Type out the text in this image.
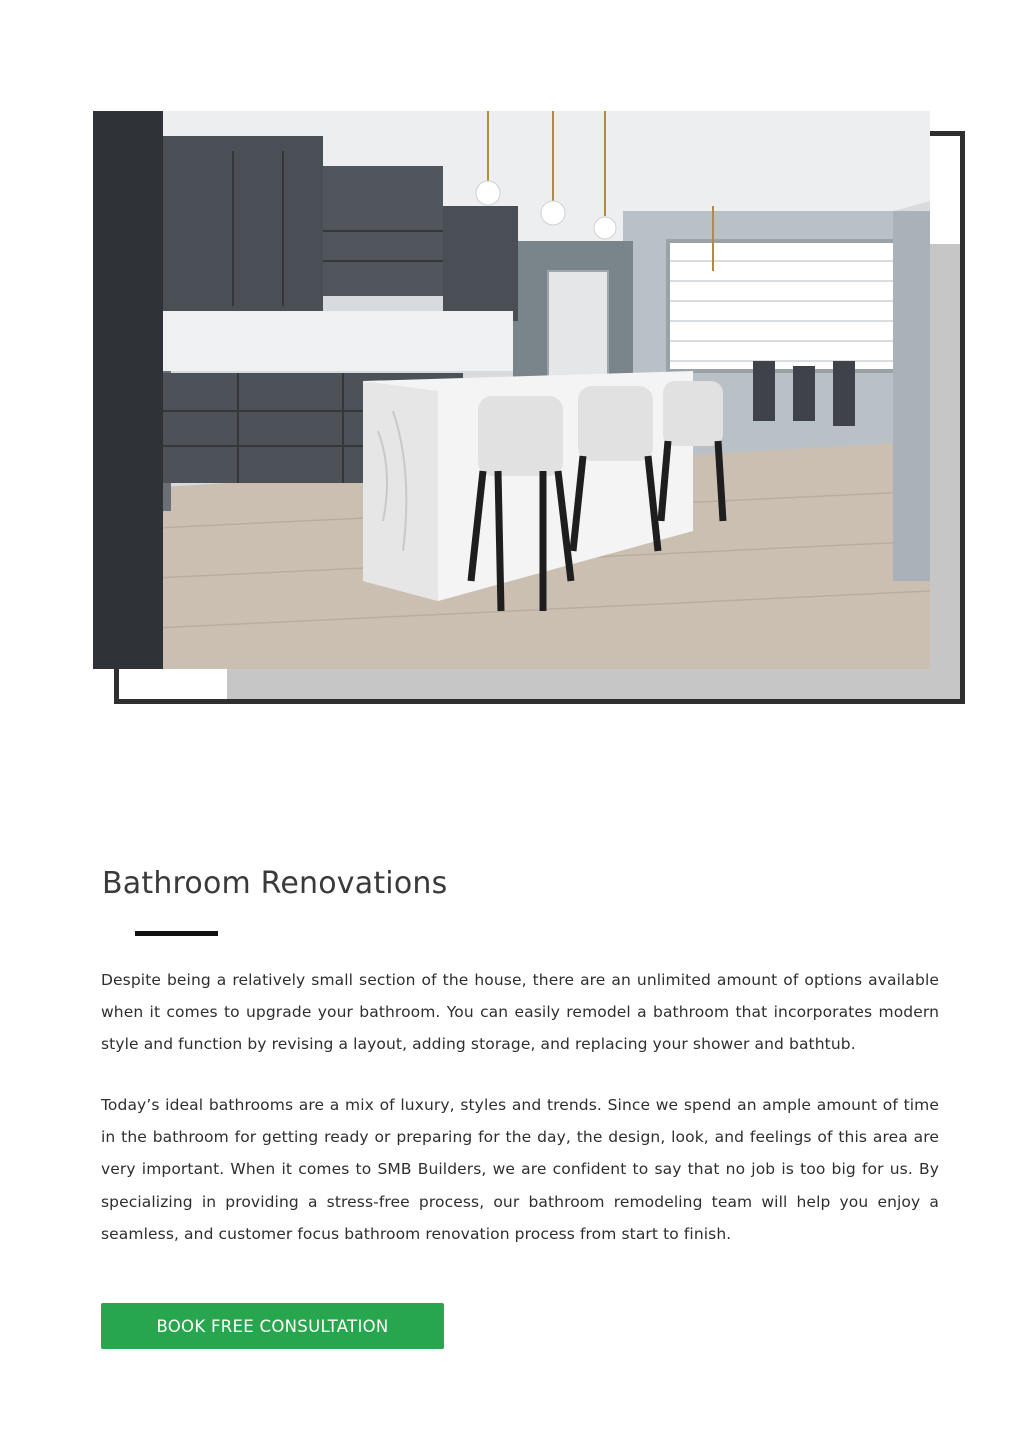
Bathroom Renovations

Despite being a relatively small section of the house, there are an unlimited amount of options available when it comes to upgrade your bathroom. You can easily remodel a bathroom that incorporates modern style and function by revising a layout, adding storage, and replacing your shower and bathtub.

Today’s ideal bathrooms are a mix of luxury, styles and trends. Since we spend an ample amount of time in the bathroom for getting ready or preparing for the day, the design, look, and feelings of this area are very important. When it comes to SMB Builders, we are confident to say that no job is too big for us. By specializing in providing a stress-free process, our bathroom remodeling team will help you enjoy a seamless, and customer focus bathroom renovation process from start to finish.

BOOK FREE CONSULTATION
